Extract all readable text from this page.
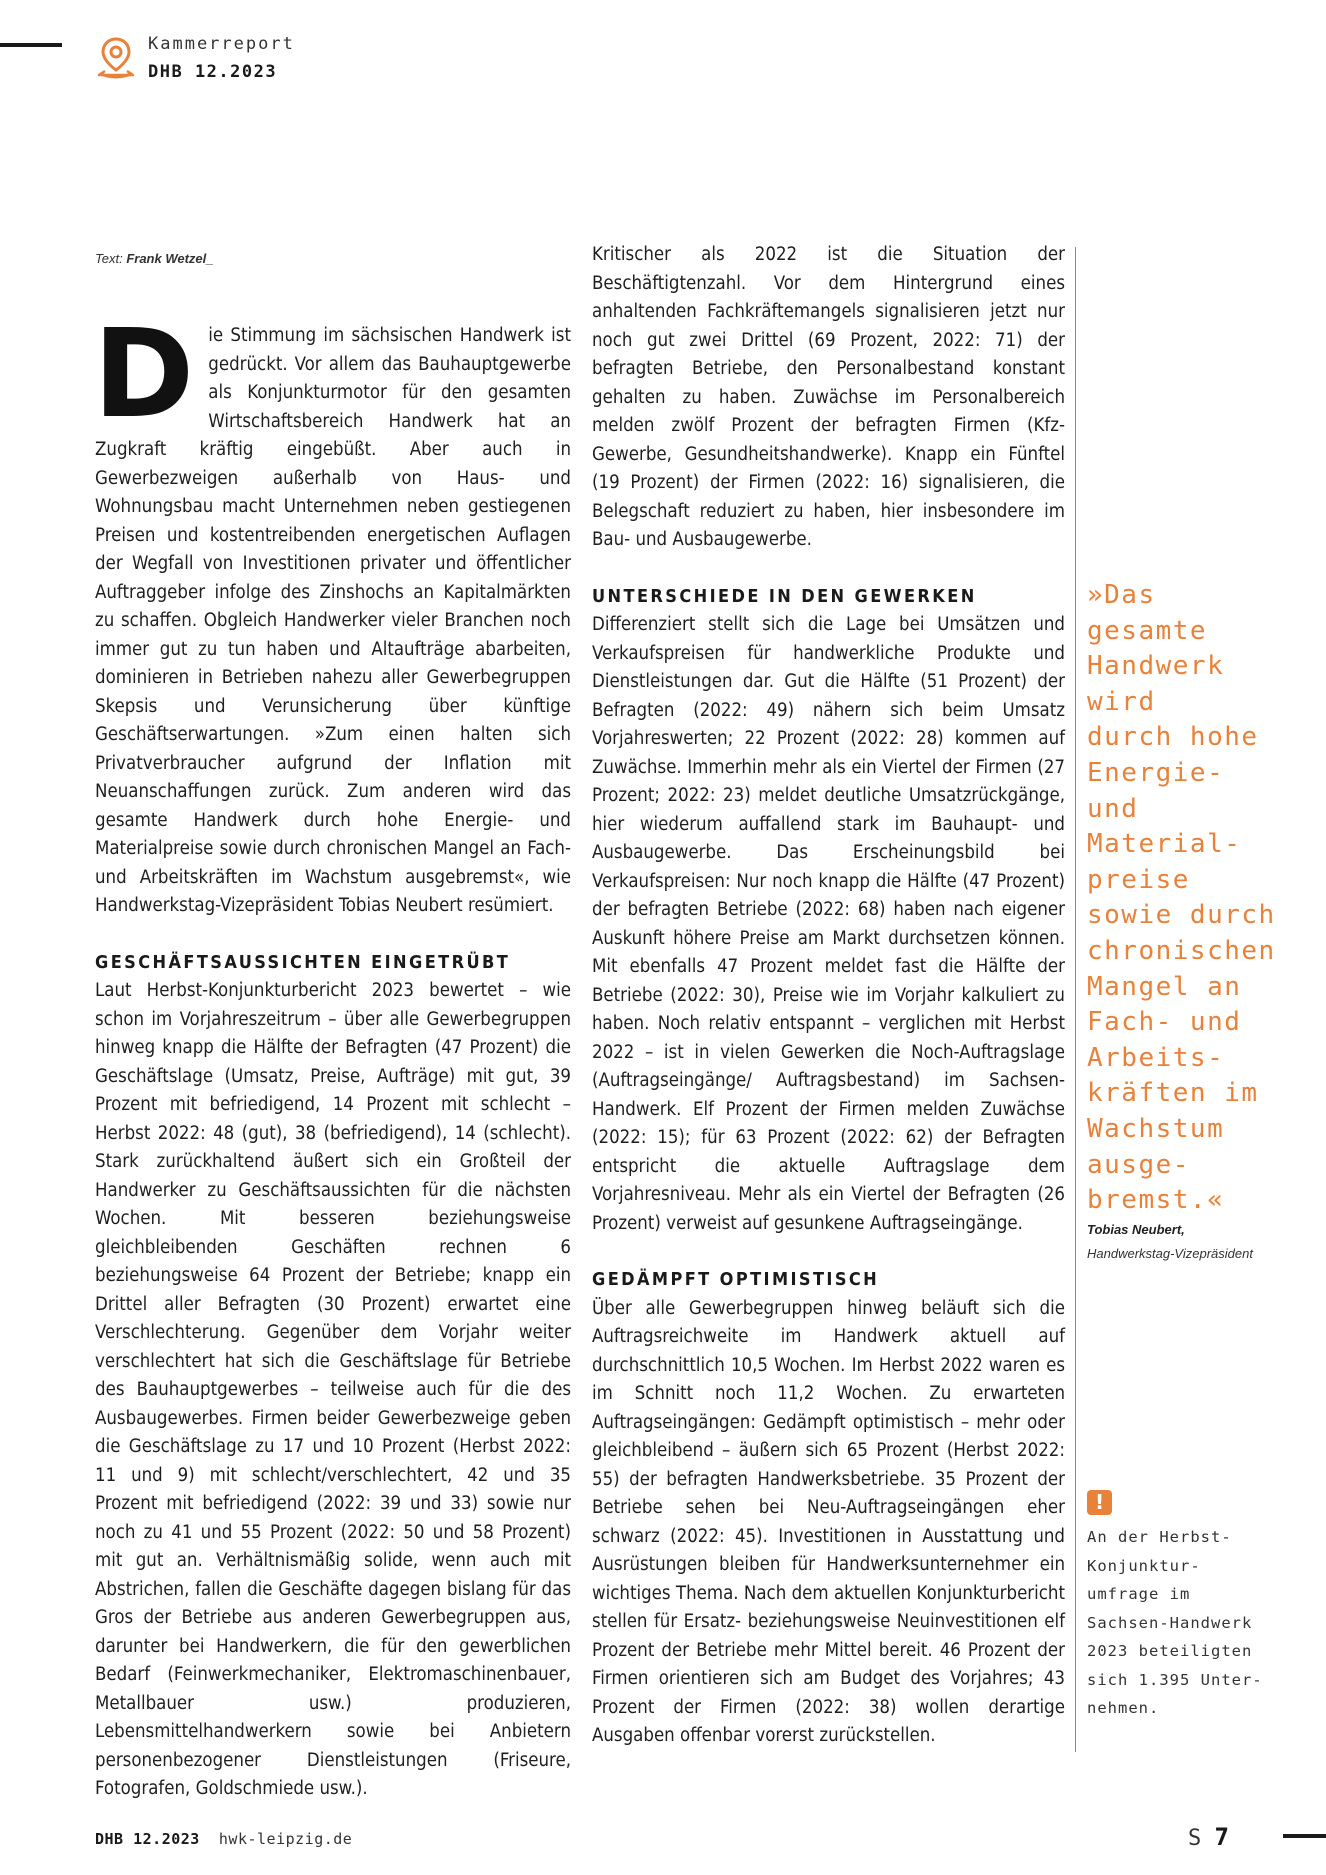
Kammerreport
DHB 12.2023
Text: Frank Wetzel_

Die Stimmung im sächsischen Handwerk ist gedrückt. Vor allem das Bauhauptgewerbe als Konjunkturmotor für den gesamten Wirtschaftsbereich Handwerk hat an Zugkraft kräftig eingebüßt. Aber auch in Gewerbezweigen außerhalb von Haus- und Wohnungsbau macht Unternehmen neben gestiegenen Preisen und kostentreibenden energetischen Auflagen der Wegfall von Investitionen privater und öffentlicher Auftraggeber infolge des Zinshochs an Kapitalmärkten zu schaffen. Obgleich Handwerker vieler Branchen noch immer gut zu tun haben und Altaufträge abarbeiten, dominieren in Betrieben nahezu aller Gewerbegruppen Skepsis und Verunsicherung über künftige Geschäftserwartungen. »Zum einen halten sich Privatverbraucher aufgrund der Inflation mit Neuanschaffungen zurück. Zum anderen wird das gesamte Handwerk durch hohe Energie- und Materialpreise sowie durch chronischen Mangel an Fach- und Arbeitskräften im Wachstum ausgebremst«, wie Handwerkstag-Vizepräsident Tobias Neubert resümiert.

GESCHÄFTSAUSSICHTEN EINGETRÜBT

Laut Herbst-Konjunkturbericht 2023 bewertet – wie schon im Vorjahreszeitrum – über alle Gewerbegruppen hinweg knapp die Hälfte der Befragten (47 Prozent) die Geschäftslage (Umsatz, Preise, Aufträge) mit gut, 39 Prozent mit befriedigend, 14 Prozent mit schlecht – Herbst 2022: 48 (gut), 38 (befriedigend), 14 (schlecht). Stark zurückhaltend äußert sich ein Großteil der Handwerker zu Geschäftsaussichten für die nächsten Wochen. Mit besseren beziehungsweise gleichbleibenden Geschäften rechnen 6 beziehungsweise 64 Prozent der Betriebe; knapp ein Drittel aller Befragten (30 Prozent) erwartet eine Verschlechterung. Gegenüber dem Vorjahr weiter verschlechtert hat sich die Geschäftslage für Betriebe des Bauhauptgewerbes – teilweise auch für die des Ausbaugewerbes. Firmen beider Gewerbezweige geben die Geschäftslage zu 17 und 10 Prozent (Herbst 2022: 11 und 9) mit schlecht/verschlechtert, 42 und 35 Prozent mit befriedigend (2022: 39 und 33) sowie nur noch zu 41 und 55 Prozent (2022: 50 und 58 Prozent) mit gut an. Verhältnismäßig solide, wenn auch mit Abstrichen, fallen die Geschäfte dagegen bislang für das Gros der Betriebe aus anderen Gewerbegruppen aus, darunter bei Handwerkern, die für den gewerblichen Bedarf (Feinwerkmechaniker, Elektromaschinenbauer, Metallbauer usw.) produzieren, Lebensmittelhandwerkern sowie bei Anbietern personenbezogener Dienstleistungen (Friseure, Fotografen, Goldschmiede usw.).

Kritischer als 2022 ist die Situation der Beschäftigtenzahl. Vor dem Hintergrund eines anhaltenden Fachkräftemangels signalisieren jetzt nur noch gut zwei Drittel (69 Prozent, 2022: 71) der befragten Betriebe, den Personalbestand konstant gehalten zu haben. Zuwächse im Personalbereich melden zwölf Prozent der befragten Firmen (Kfz-Gewerbe, Gesundheitshandwerke). Knapp ein Fünftel (19 Prozent) der Firmen (2022: 16) signalisieren, die Belegschaft reduziert zu haben, hier insbesondere im Bau- und Ausbaugewerbe.

UNTERSCHIEDE IN DEN GEWERKEN

Differenziert stellt sich die Lage bei Umsätzen und Verkaufspreisen für handwerkliche Produkte und Dienstleistungen dar. Gut die Hälfte (51 Prozent) der Befragten (2022: 49) nähern sich beim Umsatz Vorjahreswerten; 22 Prozent (2022: 28) kommen auf Zuwächse. Immerhin mehr als ein Viertel der Firmen (27 Prozent; 2022: 23) meldet deutliche Umsatzrückgänge, hier wiederum auffallend stark im Bauhaupt- und Ausbaugewerbe. Das Erscheinungsbild bei Verkaufspreisen: Nur noch knapp die Hälfte (47 Prozent) der befragten Betriebe (2022: 68) haben nach eigener Auskunft höhere Preise am Markt durchsetzen können. Mit ebenfalls 47 Prozent meldet fast die Hälfte der Betriebe (2022: 30), Preise wie im Vorjahr kalkuliert zu haben. Noch relativ entspannt – verglichen mit Herbst 2022 – ist in vielen Gewerken die Noch-Auftragslage (Auftragseingänge/ Auftragsbestand) im Sachsen-Handwerk. Elf Prozent der Firmen melden Zuwächse (2022: 15); für 63 Prozent (2022: 62) der Befragten entspricht die aktuelle Auftragslage dem Vorjahresniveau. Mehr als ein Viertel der Befragten (26 Prozent) verweist auf gesunkene Auftragseingänge.

GEDÄMPFT OPTIMISTISCH

Über alle Gewerbegruppen hinweg beläuft sich die Auftragsreichweite im Handwerk aktuell auf durchschnittlich 10,5 Wochen. Im Herbst 2022 waren es im Schnitt noch 11,2 Wochen. Zu erwarteten Auftragseingängen: Gedämpft optimistisch – mehr oder gleichbleibend – äußern sich 65 Prozent (Herbst 2022: 55) der befragten Handwerksbetriebe. 35 Prozent der Betriebe sehen bei Neu-Auftragseingängen eher schwarz (2022: 45). Investitionen in Ausstattung und Ausrüstungen bleiben für Handwerksunternehmer ein wichtiges Thema. Nach dem aktuellen Konjunkturbericht stellen für Ersatz- beziehungsweise Neuinvestitionen elf Prozent der Betriebe mehr Mittel bereit. 46 Prozent der Firmen orientieren sich am Budget des Vorjahres; 43 Prozent der Firmen (2022: 38) wollen derartige Ausgaben offenbar vorerst zurückstellen.

»Das
gesamte
Handwerk
wird
durch hohe
Energie-
und
Material-
preise
sowie durch
chronischen
Mangel an
Fach- und
Arbeits-
kräften im
Wachstum
ausge-
bremst.«
Tobias Neubert,
Handwerkstag-Vizepräsident
!
An der Herbst-
Konjunktur-
umfrage im
Sachsen-Handwerk
2023 beteiligten
sich 1.395 Unter-
nehmen.
DHB 12.2023 hwk-leipzig.de	S 7
